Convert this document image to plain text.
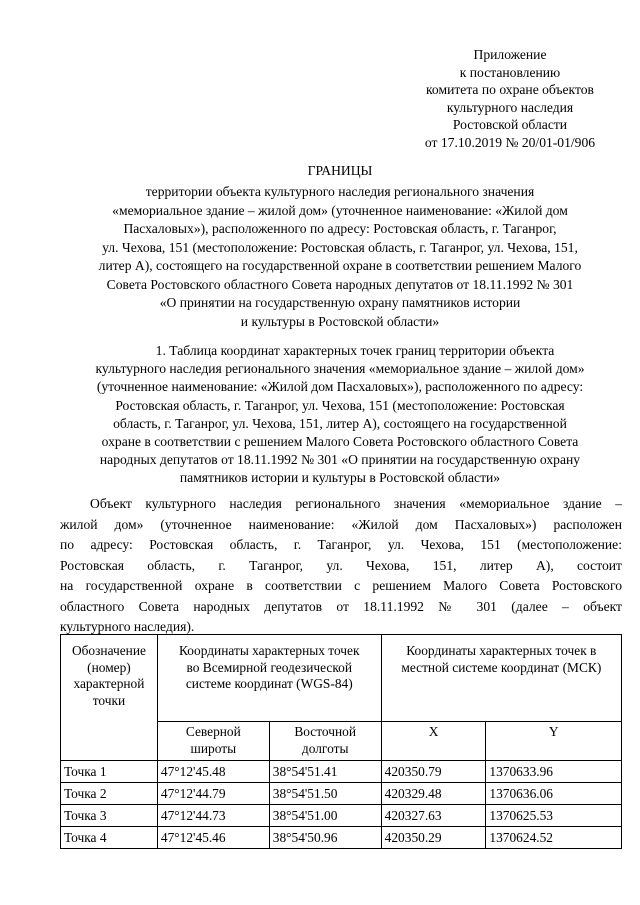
Приложение
к постановлению
комитета по охране объектов
культурного наследия
Ростовской области
от 17.10.2019 № 20/01-01/906
ГРАНИЦЫ
территории объекта культурного наследия регионального значения
«мемориальное здание – жилой дом» (уточненное наименование: «Жилой дом
Пасхаловых»), расположенного по адресу: Ростовская область, г. Таганрог,
ул. Чехова, 151 (местоположение: Ростовская область, г. Таганрог, ул. Чехова, 151,
литер А), состоящего на государственной охране в соответствии решением Малого
Совета Ростовского областного Совета народных депутатов от 18.11.1992 № 301
«О принятии на государственную охрану памятников истории
и культуры в Ростовской области»
1. Таблица координат характерных точек границ территории объекта
культурного наследия регионального значения «мемориальное здание – жилой дом»
(уточненное наименование: «Жилой дом Пасхаловых»), расположенного по адресу:
Ростовская область, г. Таганрог, ул. Чехова, 151 (местоположение: Ростовская
область, г. Таганрог, ул. Чехова, 151, литер А), состоящего на государственной
охране в соответствии с решением Малого Совета Ростовского областного Совета
народных депутатов от 18.11.1992 № 301 «О принятии на государственную охрану
памятников истории и культуры в Ростовской области»
Объект культурного наследия регионального значения «мемориальное здание –
жилой дом» (уточненное наименование: «Жилой дом Пасхаловых») расположен
по адресу: Ростовская область, г. Таганрог, ул. Чехова, 151 (местоположение:
Ростовская область, г. Таганрог, ул. Чехова, 151, литер А), состоит
на государственной охране в соответствии с решением Малого Совета Ростовского
областного Совета народных депутатов от 18.11.1992 № 301 (далее – объект
культурного наследия).
Обозначение (номер) характерной точки	Координаты характерных точек во Всемирной геодезической системе координат (WGS-84)		Координаты характерных точек в местной системе координат (МСК)	
	Северной широты	Восточной долготы	X	Y
Точка 1	47°12'45.48	38°54'51.41	420350.79	1370633.96
Точка 2	47°12'44.79	38°54'51.50	420329.48	1370636.06
Точка 3	47°12'44.73	38°54'51.00	420327.63	1370625.53
Точка 4	47°12'45.46	38°54'50.96	420350.29	1370624.52
